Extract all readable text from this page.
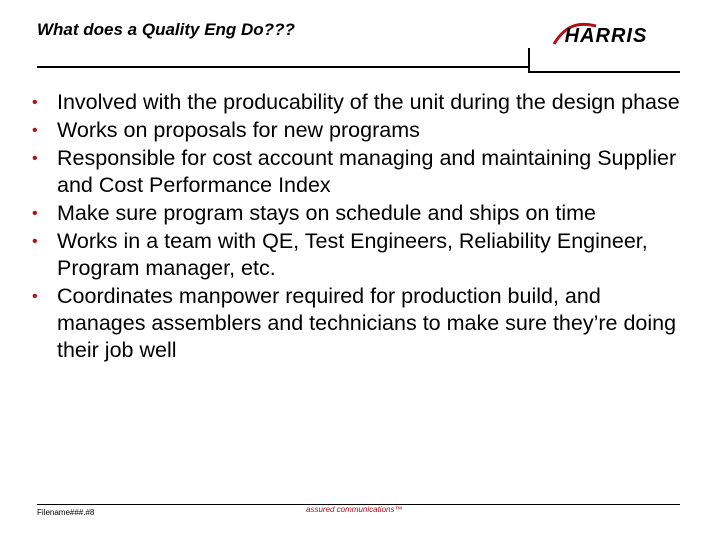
What does a Quality Eng Do???	HARRIS
• Involved with the producability of the unit during the design phase
• Works on proposals for new programs
• Responsible for cost account managing and maintaining Supplier and Cost Performance Index
• Make sure program stays on schedule and ships on time
• Works in a team with QE, Test Engineers, Reliability Engineer, Program manager, etc.
• Coordinates manpower required for production build, and manages assemblers and technicians to make sure they’re doing their job well
Filename###.#8	assured communications™
